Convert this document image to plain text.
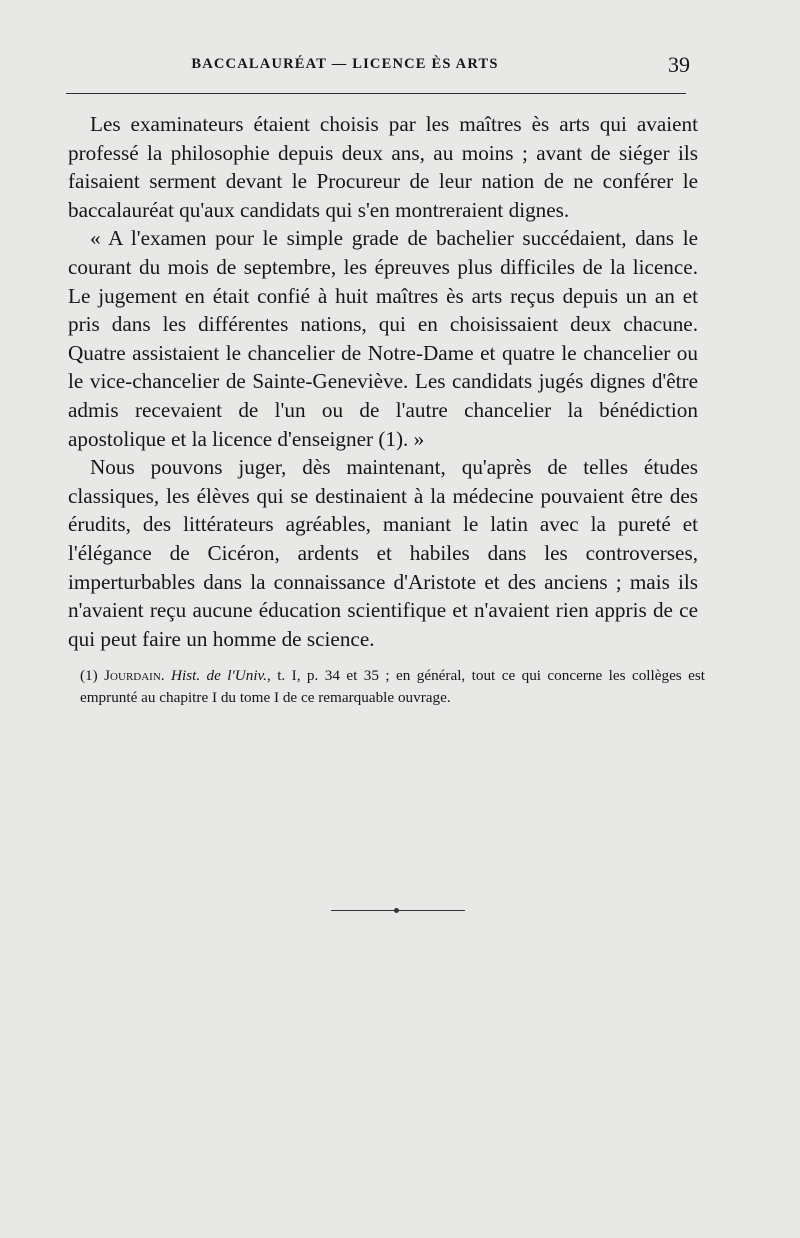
BACCALAURÉAT — LICENCE ÈS ARTS	39

Les examinateurs étaient choisis par les maîtres ès arts qui avaient professé la philosophie depuis deux ans, au moins ; avant de siéger ils faisaient serment devant le Procureur de leur nation de ne conférer le baccalauréat qu'aux candidats qui s'en montreraient dignes.

« A l'examen pour le simple grade de bachelier succédaient, dans le courant du mois de septembre, les épreuves plus difficiles de la licence. Le jugement en était confié à huit maîtres ès arts reçus depuis un an et pris dans les différentes nations, qui en choisissaient deux chacune. Quatre assistaient le chancelier de Notre-Dame et quatre le chancelier ou le vice-chancelier de Sainte-Geneviève. Les candidats jugés dignes d'être admis recevaient de l'un ou de l'autre chancelier la bénédiction apostolique et la licence d'enseigner (1). »

Nous pouvons juger, dès maintenant, qu'après de telles études classiques, les élèves qui se destinaient à la médecine pouvaient être des érudits, des littérateurs agréables, maniant le latin avec la pureté et l'élégance de Cicéron, ardents et habiles dans les controverses, imperturbables dans la connaissance d'Aristote et des anciens ; mais ils n'avaient reçu aucune éducation scientifique et n'avaient rien appris de ce qui peut faire un homme de science.

(1) Jourdain. Hist. de l'Univ., t. I, p. 34 et 35 ; en général, tout ce qui concerne les collèges est emprunté au chapitre I du tome I de ce remarquable ouvrage.
